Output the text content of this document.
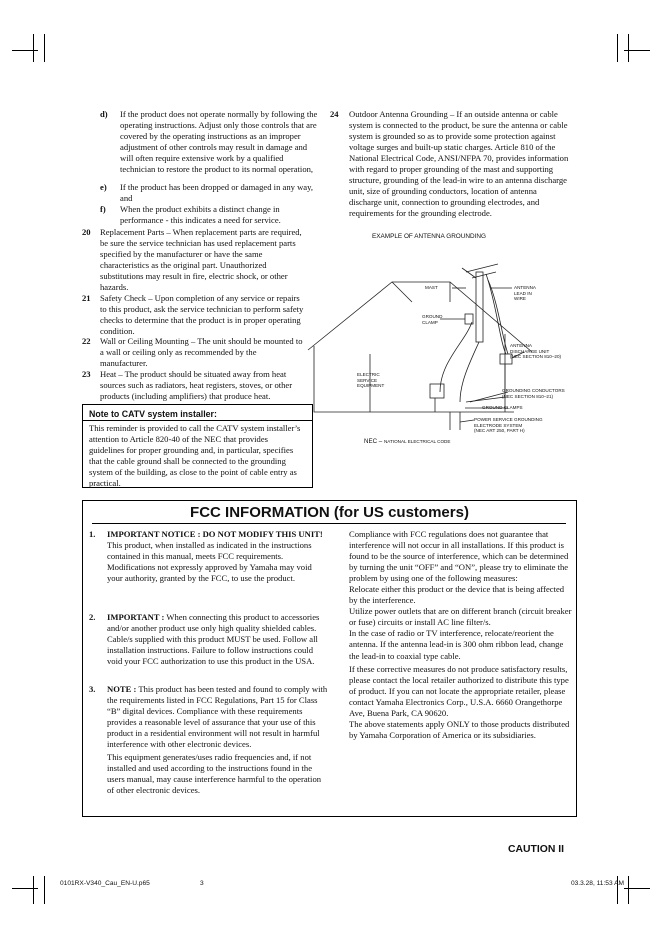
d) If the product does not operate normally by following the operating instructions. Adjust only those controls that are covered by the operating instructions as an improper adjustment of other controls may result in damage and will often require extensive work by a qualified technician to restore the product to its normal operation,
e) If the product has been dropped or damaged in any way, and
f) When the product exhibits a distinct change in performance - this indicates a need for service.
20 Replacement Parts – When replacement parts are required, be sure the service technician has used replacement parts specified by the manufacturer or have the same characteristics as the original part. Unauthorized substitutions may result in fire, electric shock, or other hazards.
21 Safety Check – Upon completion of any service or repairs to this product, ask the service technician to perform safety checks to determine that the product is in proper operating condition.
22 Wall or Ceiling Mounting – The unit should be mounted to a wall or ceiling only as recommended by the manufacturer.
23 Heat – The product should be situated away from heat sources such as radiators, heat registers, stoves, or other products (including amplifiers) that produce heat.
Note to CATV system installer:
This reminder is provided to call the CATV system installer’s attention to Article 820-40 of the NEC that provides guidelines for proper grounding and, in particular, specifies that the cable ground shall be connected to the grounding system of the building, as close to the point of cable entry as practical.
24 Outdoor Antenna Grounding – If an outside antenna or cable system is connected to the product, be sure the antenna or cable system is grounded so as to provide some protection against voltage surges and built-up static charges. Article 810 of the National Electrical Code, ANSI/NFPA 70, provides information with regard to proper grounding of the mast and supporting structure, grounding of the lead-in wire to an antenna discharge unit, size of grounding conductors, location of antenna discharge unit, connection to grounding electrodes, and requirements for the grounding electrode.
EXAMPLE OF ANTENNA GROUNDING
MAST	ANTENNA
LEAD IN
WIRE
GROUND
CLAMP
ANTENNA
DISCHARGE UNIT
(NEC SECTION 810–20)
ELECTRIC
SERVICE
EQUIPMENT
GROUNDING CONDUCTORS
(NEC SECTION 810–21)
GROUND CLAMPS
POWER SERVICE GROUNDING
ELECTRODE SYSTEM
(NEC ART 250, PART H)
NEC – NATIONAL ELECTRICAL CODE
FCC INFORMATION (for US customers)
1. IMPORTANT NOTICE : DO NOT MODIFY THIS UNIT!
This product, when installed as indicated in the instructions contained in this manual, meets FCC requirements. Modifications not expressly approved by Yamaha may void your authority, granted by the FCC, to use the product.
2. IMPORTANT : When connecting this product to accessories and/or another product use only high quality shielded cables. Cable/s supplied with this product MUST be used. Follow all installation instructions. Failure to follow instructions could void your FCC authorization to use this product in the USA.
3. NOTE : This product has been tested and found to comply with the requirements listed in FCC Regulations, Part 15 for Class “B” digital devices. Compliance with these requirements provides a reasonable level of assurance that your use of this product in a residential environment will not result in harmful interference with other electronic devices.
This equipment generates/uses radio frequencies and, if not installed and used according to the instructions found in the users manual, may cause interference harmful to the operation of other electronic devices.
Compliance with FCC regulations does not guarantee that interference will not occur in all installations. If this product is found to be the source of interference, which can be determined by turning the unit “OFF” and “ON”, please try to eliminate the problem by using one of the following measures:
Relocate either this product or the device that is being affected by the interference.
Utilize power outlets that are on different branch (circuit breaker or fuse) circuits or install AC line filter/s.
In the case of radio or TV interference, relocate/reorient the antenna. If the antenna lead-in is 300 ohm ribbon lead, change the lead-in to coaxial type cable.
If these corrective measures do not produce satisfactory results, please contact the local retailer authorized to distribute this type of product. If you can not locate the appropriate retailer, please contact Yamaha Electronics Corp., U.S.A. 6660 Orangethorpe Ave, Buena Park, CA 90620.
The above statements apply ONLY to those products distributed by Yamaha Corporation of America or its subsidiaries.
CAUTION II
0101RX-V340_Cau_EN-U.p65	3	03.3.28, 11:53 AM
